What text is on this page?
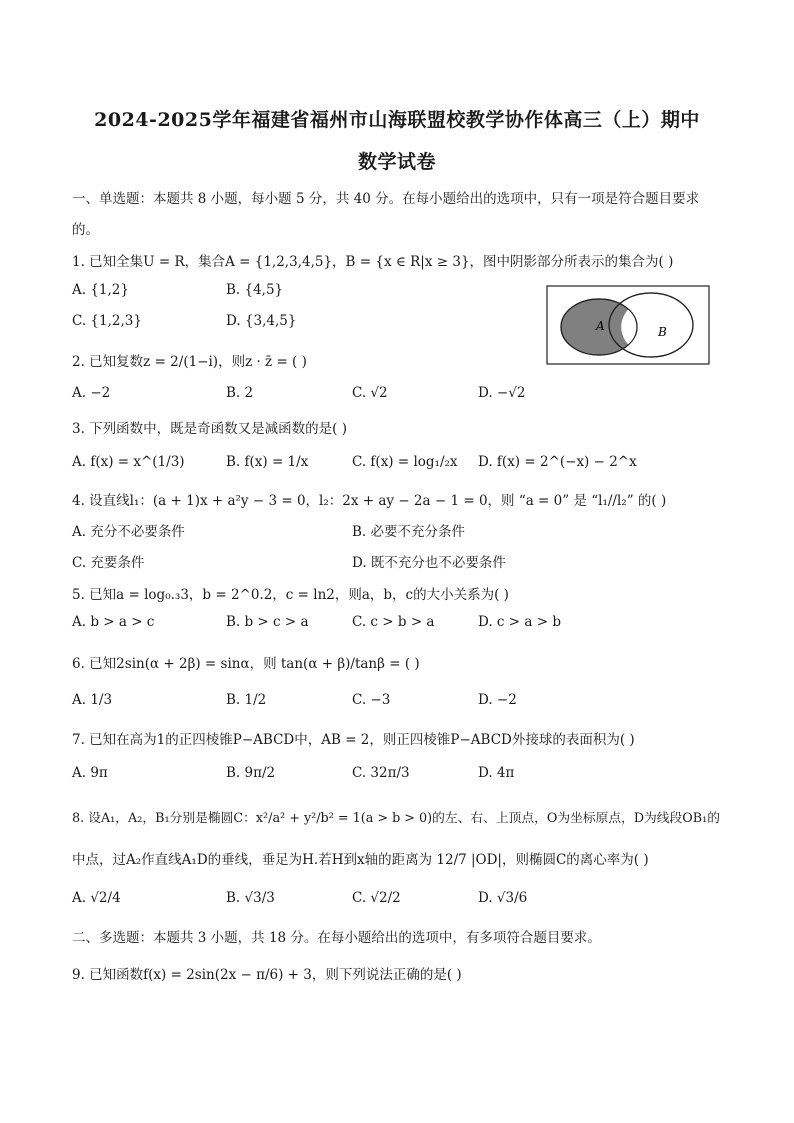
2024-2025学年福建省福州市山海联盟校教学协作体高三（上）期中
数学试卷
一、单选题：本题共 8 小题，每小题 5 分，共 40 分。在每小题给出的选项中，只有一项是符合题目要求
的。
1. 已知全集U = R，集合A = {1,2,3,4,5}，B = {x ∈ R|x ≥ 3}，图中阴影部分所表示的集合为( )
A. {1,2}	B. {4,5}
C. {1,2,3}	D. {3,4,5}	A	B
2. 已知复数z = 2/(1−i)，则z · z̄ = ( )
A. −2	B. 2	C. √2	D. −√2
3. 下列函数中，既是奇函数又是减函数的是( )
A. f(x) = x^(1/3)	B. f(x) = 1/x	C. f(x) = log₁/₂x D. f(x) = 2^(−x) − 2^x
4. 设直线l₁：(a + 1)x + a²y − 3 = 0，l₂：2x + ay − 2a − 1 = 0，则 “a = 0” 是 “l₁//l₂” 的( )
A. 充分不必要条件	B. 必要不充分条件
C. 充要条件	D. 既不充分也不必要条件
5. 已知a = log₀.₃3，b = 2^0.2，c = ln2，则a，b，c的大小关系为( )
A. b > a > c	B. b > c > a	C. c > b > a	D. c > a > b
6. 已知2sin(α + 2β) = sinα，则 tan(α + β)/tanβ = ( )
A. 1/3	B. 1/2	C. −3	D. −2
7. 已知在高为1的正四棱锥P−ABCD中，AB = 2，则正四棱锥P−ABCD外接球的表面积为( )
A. 9π	B. 9π/2	C. 32π/3	D. 4π
8. 设A₁，A₂，B₁分别是椭圆C：x²/a² + y²/b² = 1(a > b > 0)的左、右、上顶点，O为坐标原点，D为线段OB₁的
中点，过A₂作直线A₁D的垂线，垂足为H.若H到x轴的距离为 12/7 |OD|，则椭圆C的离心率为( )
A. √2/4	B. √3/3	C. √2/2	D. √3/6
二、多选题：本题共 3 小题，共 18 分。在每小题给出的选项中，有多项符合题目要求。
9. 已知函数f(x) = 2sin(2x − π/6) + 3，则下列说法正确的是( )
